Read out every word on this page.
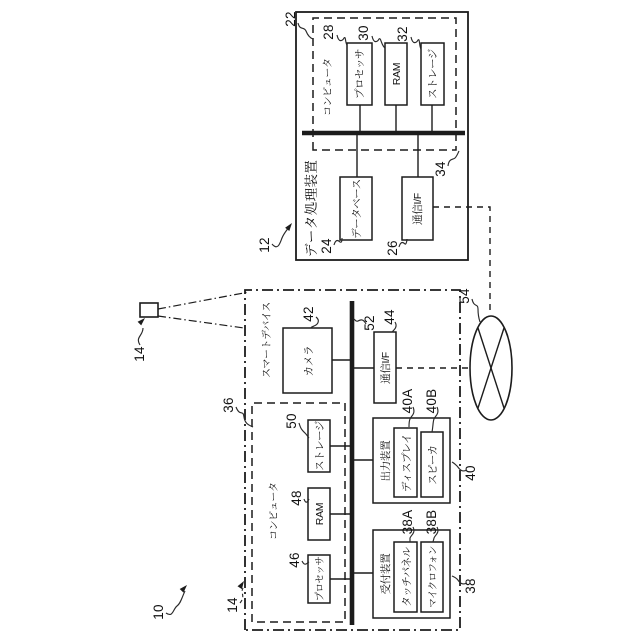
10
14	スマートデバイス
14
コンピュータ
36
プロセッサ
46
RAM
48
ストレージ
50
カメラ
42
52
通信I/F
44
出力装置 ディスプレイ スピーカ
40A 40B
40
受付装置 タッチパネル マイクロフォン
38A 38B
38
データ処理装置
12
コンピュータ
22
プロセッサ
28
RAM
30
ストレージ
32
34
データベース
24
通信I/F
26
54
